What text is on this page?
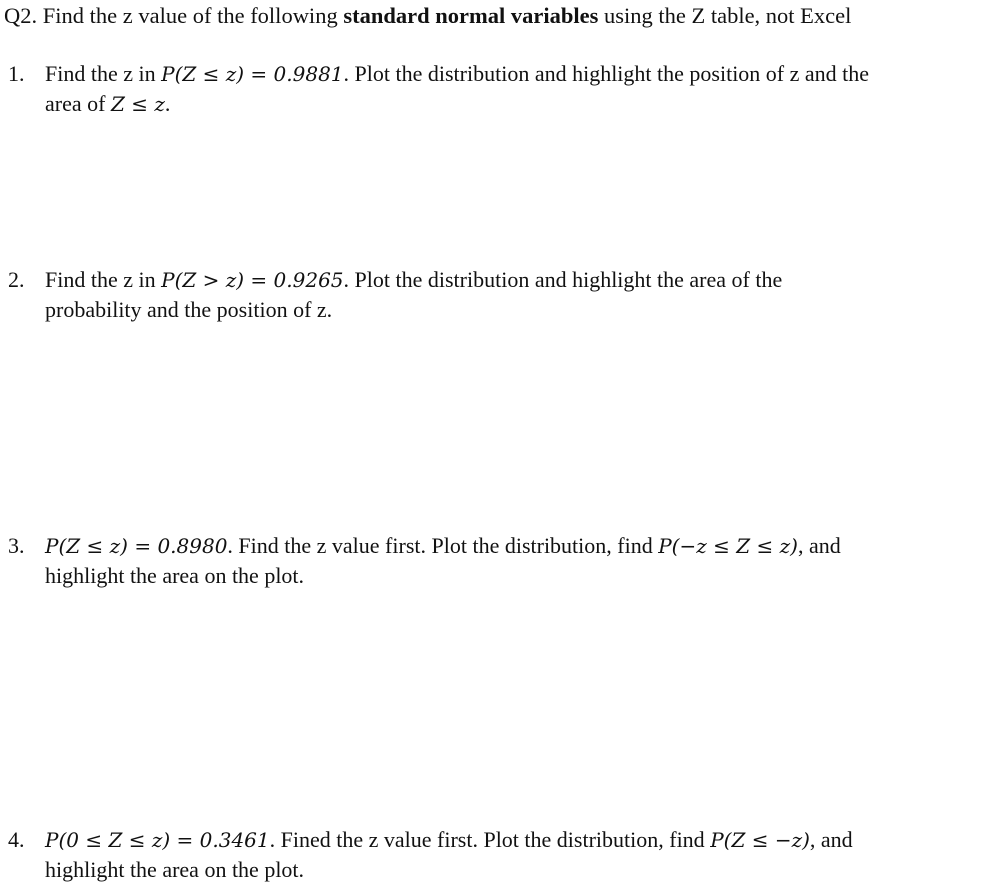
Q2. Find the z value of the following standard normal variables using the Z table, not Excel
1. Find the z in P(Z ≤ z) = 0.9881. Plot the distribution and highlight the position of z and the
area of Z ≤ z.
2. Find the z in P(Z > z) = 0.9265. Plot the distribution and highlight the area of the
probability and the position of z.
3. P(Z ≤ z) = 0.8980. Find the z value first. Plot the distribution, find P(−z ≤ Z ≤ z), and
highlight the area on the plot.
4. P(0 ≤ Z ≤ z) = 0.3461. Fined the z value first. Plot the distribution, find P(Z ≤ −z), and
highlight the area on the plot.
